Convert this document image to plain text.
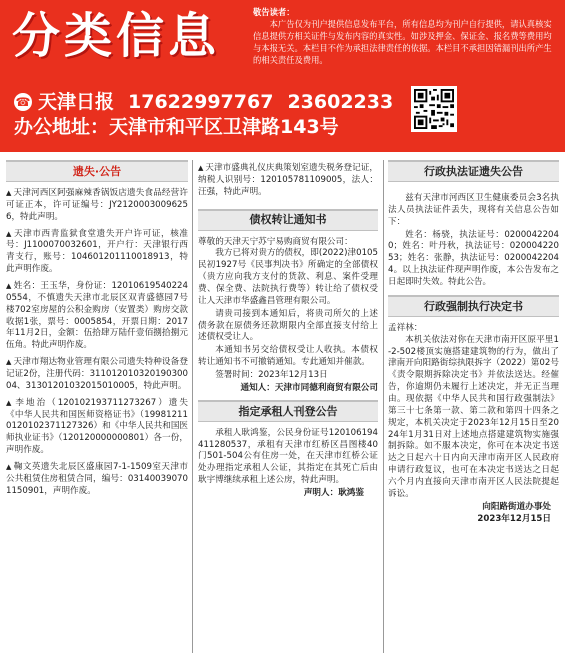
分类信息	敬告读者：
本广告仅为刊户提供信息发布平台，所有信息均为刊户自行提供，请认真核实信息提供方相关证件与发布内容的真实性。如涉及押金、保证金、报名费等费用均与本报无关。本栏目不作为承担法律责任的依据。本栏目不承担因错漏刊出所产生的相关责任及费用。
☎ 天津日报 17622997767 23602233
办公地址：天津市和平区卫津路143号
遗失·公告
▲ 天津河西区阿强麻辣香锅饭店遗失食品经营许可证正本，许可证编号：JY21200030096256，特此声明。
▲ 天津市西青监狱食堂遗失开户许可证，核准号：J1100070032601，开户行：天津银行西青支行，账号：104601201110018913，特此声明作废。
▲ 姓名：王玉华，身份证：120106195402240554，不慎遗失天津市北辰区双青盛德园7号楼702室房屋的公积金购房（安置类）购房交款收据1张，票号：0005854，开票日期：2017年11月2日，金额：伍拾肆万陆仟壹佰捌拾捌元伍角。特此声明作废。
▲ 天津市翔达物业管理有限公司遗失特种设备登记证2份，注册代码：31101201032019030004、31301201032015010005，特此声明。
▲ 李地治（120102193711273267）遗失《中华人民共和国医师资格证书》（199812110120102371127326）和《中华人民共和国医师执业证书》（120120000000801）各一份，声明作废。
▲ 鞠文英遗失北辰区盛康园7-1-1509室天津市公共租赁住房租赁合同，编号：031400390701150901，声明作废。
▲ 天津市盛典礼仪庆典策划室遗失税务登记证，纳税人识别号：120105781109005，法人：汪强，特此声明。
债权转让通知书
尊敬的天津天宁苏宁易购商贸有限公司：
我方已将对贵方的债权，即(2022)津0105民初1927号《民事判决书》所确定的全部债权（贵方应向我方支付的货款、利息、案件受理费、保全费、法院执行费等）转让给了债权受让人天津市华盛鑫昌管理有限公司。
请贵司接到本通知后，将贵司所欠的上述债务款在原债务还款期限内全部直接支付给上述债权受让人。
本通知书另交给债权受让人收执。本债权转让通知书不可撤销通知。专此通知并催款。
签署时间：2023年12月13日
通知人：天津市同德利商贸有限公司
指定承租人刊登公告
承租人耿鸿鉴，公民身份证号120106194411280537，承租有天津市红桥区昌图楼40门501-504公有住房一处，在天津市红桥公证处办理指定承租人公证，其指定在其死亡后由耿宇博继续承租上述公房，特此声明。
声明人：耿鸿鉴
行政执法证遗失公告
兹有天津市河西区卫生健康委员会3名执法人员执法证件丢失，现将有关信息公告如下：
姓名：杨骁，执法证号：02000422040；姓名：叶丹秋，执法证号：02000422053；姓名：张静，执法证号：02000422044。以上执法证件现声明作废，本公告发布之日起即时失效。特此公告。
行政强制执行决定书
孟祥林：
本机关依法对你在天津市南开区原平里1-2-502楼顶实施搭建建筑物的行为，做出了津南开向阳路街综执限拆字（2022）第02号《责令限期拆除决定书》并依法送达。经催告，你逾期仍未履行上述决定，并无正当理由。现依据《中华人民共和国行政强制法》第三十七条第一款、第二款和第四十四条之规定，本机关决定于2023年12月15日至2024年1月31日对上述地点搭建建筑物实施强制拆除。如不服本决定，你可在本决定书送达之日起六十日内向天津市南开区人民政府申请行政复议，也可在本决定书送达之日起六个月内直接向天津市南开区人民法院提起诉讼。
向阳路街道办事处
2023年12月15日
